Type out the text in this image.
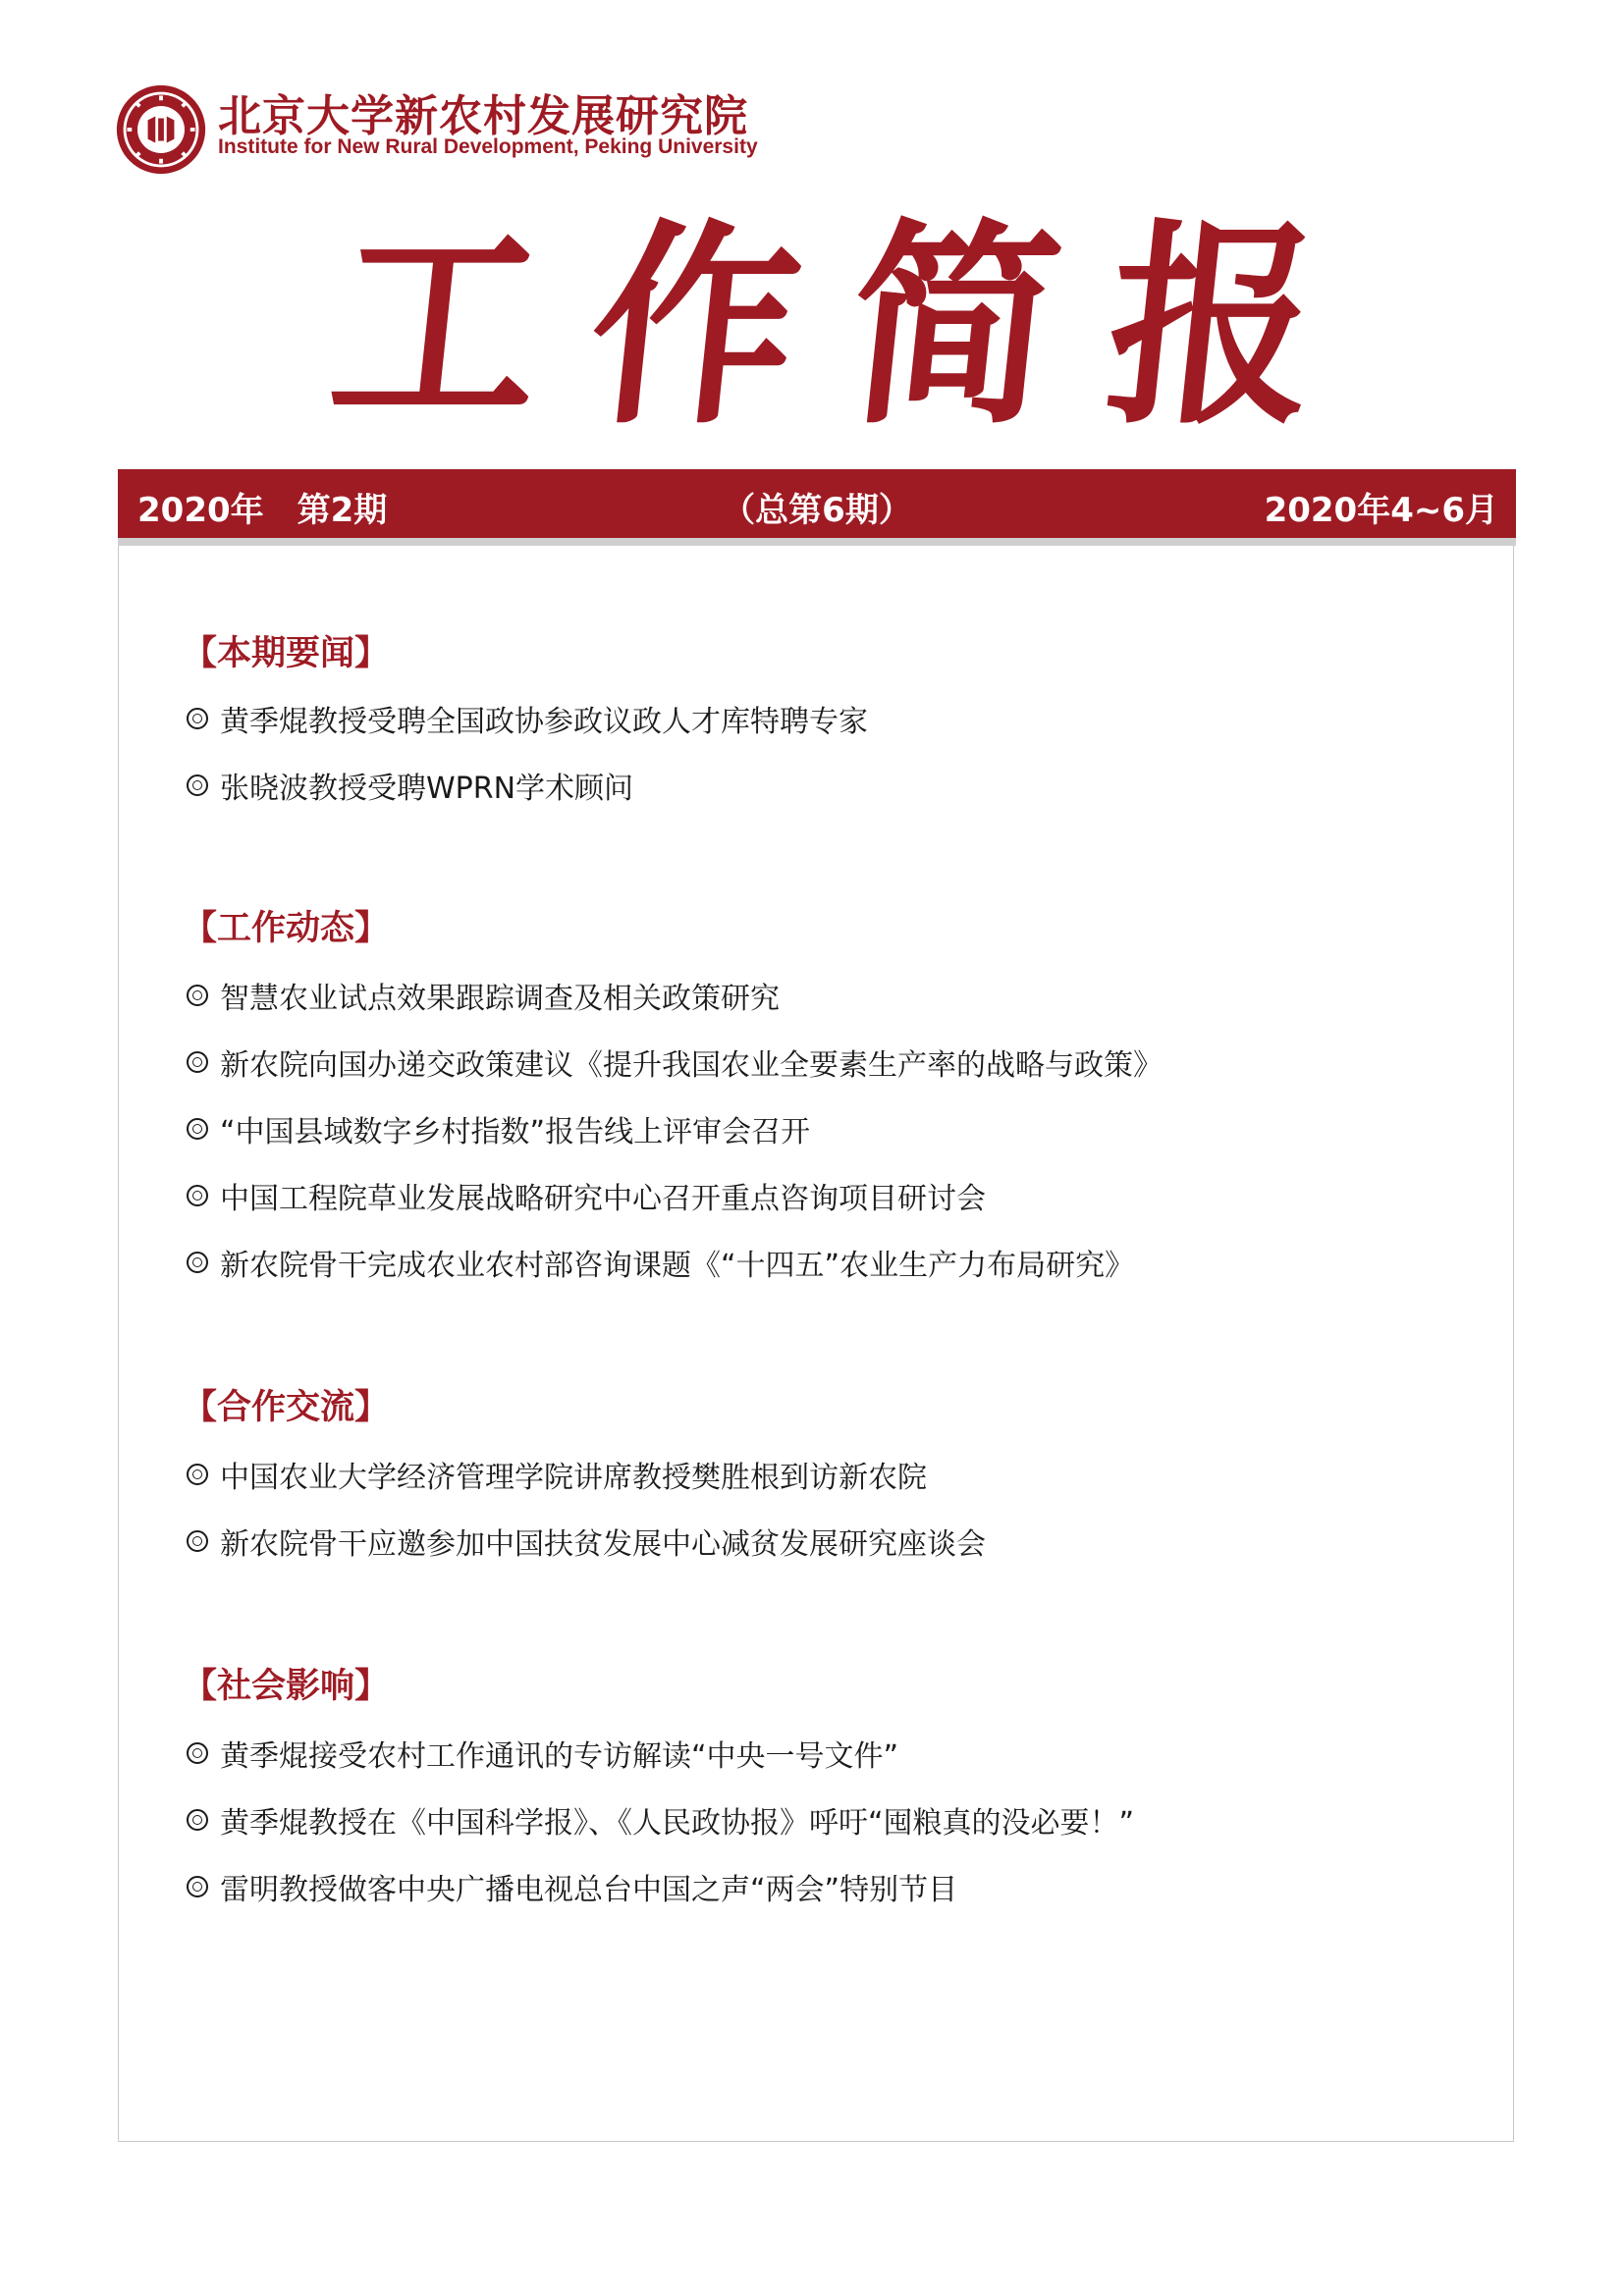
北京大学新农村发展研究院
Institute for New Rural Development, Peking University
工 作 简 报
2020年　第2期	（总第6期）	2020年4~6月
【本期要闻】
黄季焜教授受聘全国政协参政议政人才库特聘专家
张晓波教授受聘WPRN学术顾问
【工作动态】
智慧农业试点效果跟踪调查及相关政策研究
新农院向国办递交政策建议《提升我国农业全要素生产率的战略与政策》
“中国县域数字乡村指数”报告线上评审会召开
中国工程院草业发展战略研究中心召开重点咨询项目研讨会
新农院骨干完成农业农村部咨询课题《“十四五”农业生产力布局研究》
【合作交流】
中国农业大学经济管理学院讲席教授樊胜根到访新农院
新农院骨干应邀参加中国扶贫发展中心减贫发展研究座谈会
【社会影响】
黄季焜接受农村工作通讯的专访解读“中央一号文件”
黄季焜教授在《中国科学报》、《人民政协报》呼吁“囤粮真的没必要！”
雷明教授做客中央广播电视总台中国之声“两会”特别节目
